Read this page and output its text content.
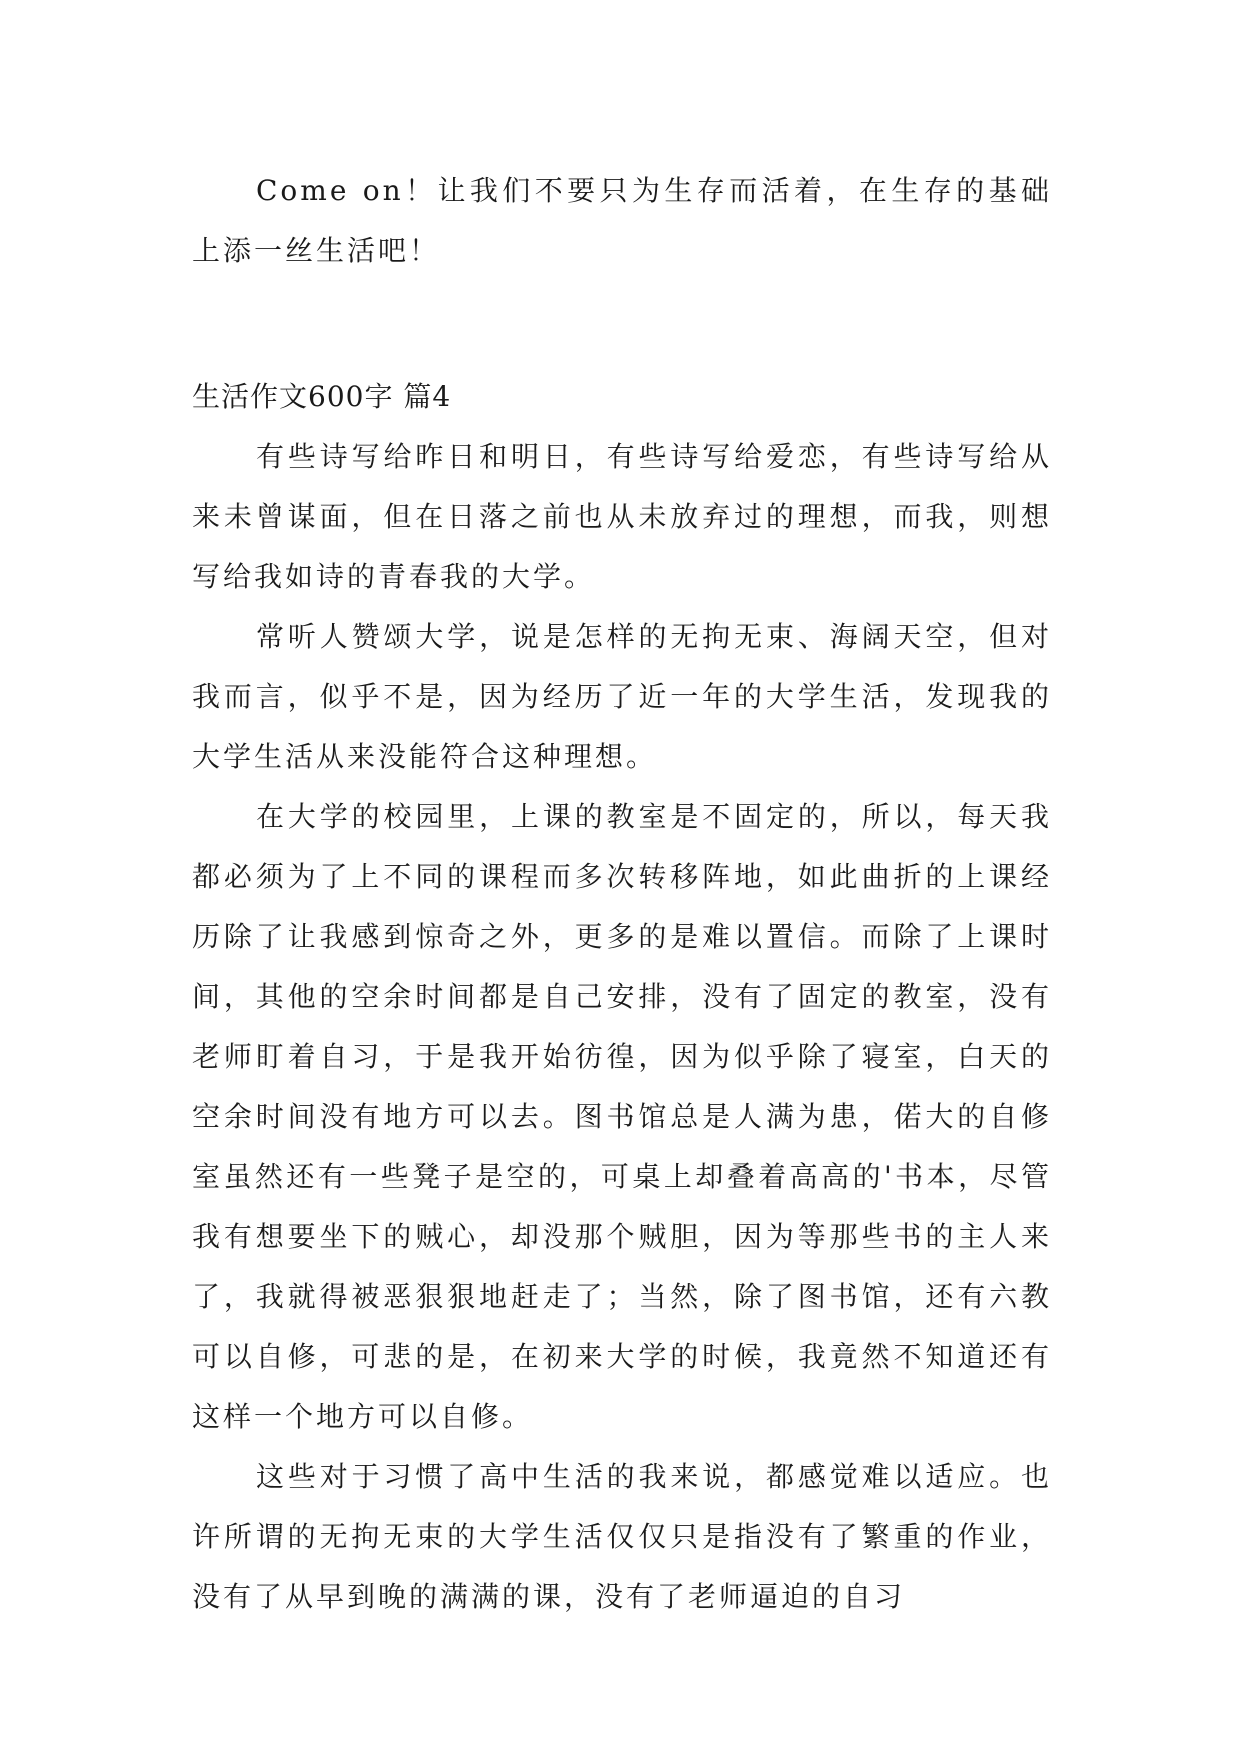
Come on！让我们不要只为生存而活着，在生存的基础上添一丝生活吧！

生活作文600字 篇4

有些诗写给昨日和明日，有些诗写给爱恋，有些诗写给从来未曾谋面，但在日落之前也从未放弃过的理想，而我，则想写给我如诗的青春我的大学。

常听人赞颂大学，说是怎样的无拘无束、海阔天空，但对我而言，似乎不是，因为经历了近一年的大学生活，发现我的大学生活从来没能符合这种理想。

在大学的校园里，上课的教室是不固定的，所以，每天我都必须为了上不同的课程而多次转移阵地，如此曲折的上课经历除了让我感到惊奇之外，更多的是难以置信。而除了上课时间，其他的空余时间都是自己安排，没有了固定的教室，没有老师盯着自习，于是我开始彷徨，因为似乎除了寝室，白天的空余时间没有地方可以去。图书馆总是人满为患，偌大的自修室虽然还有一些凳子是空的，可桌上却叠着高高的'书本，尽管我有想要坐下的贼心，却没那个贼胆，因为等那些书的主人来了，我就得被恶狠狠地赶走了；当然，除了图书馆，还有六教可以自修，可悲的是，在初来大学的时候，我竟然不知道还有这样一个地方可以自修。

这些对于习惯了高中生活的我来说，都感觉难以适应。也许所谓的无拘无束的大学生活仅仅只是指没有了繁重的作业，没有了从早到晚的满满的课，没有了老师逼迫的自习
